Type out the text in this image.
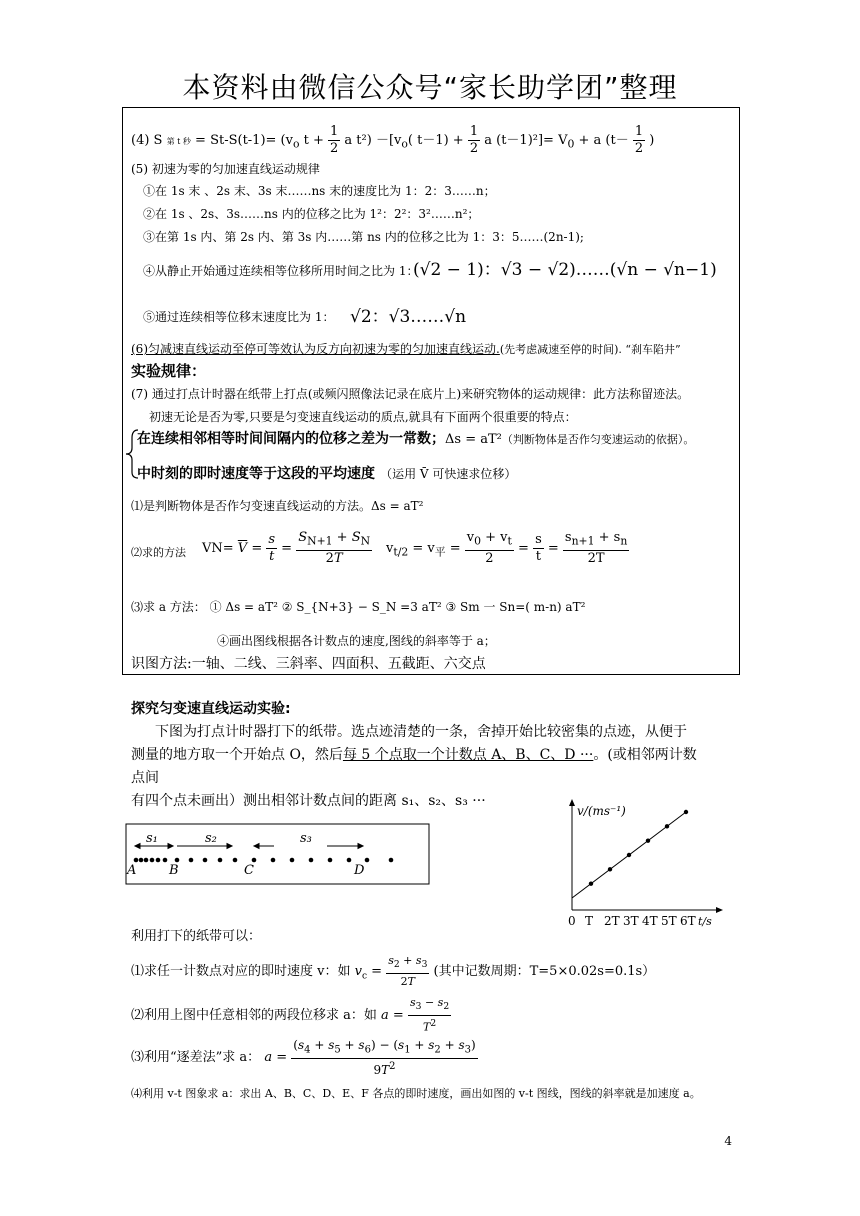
本资料由微信公众号“家长助学团”整理
(4) S 第 t 秒 = $St-S(t-1)= (v_o$ $t + \frac{1}{2}$ a $t^2) -[v_o$( $t-1) + \frac{1}{2}$ a $(t-1)^2]= V_0 + a$ ($t- \frac{1}{2}$ )
(5) 初速为零的匀加速直线运动规律
①在 1s 末 、2s 末、3s 末……ns 末的速度比为 1：2：3……n；
②在 1s 、2s、3s……ns 内的位移之比为 1²：2²：3²……n²；
③在第 1s 内、第 2s 内、第 3s 内……第 ns 内的位移之比为 1：3：5……(2n-1);
④从静止开始通过连续相等位移所用时间之比为 1：
(√2 − 1)：√3 − √2)……(√n − √n−1)
⑤通过连续相等位移末速度比为 1： √2：√3……√n
(6)匀减速直线运动至停可等效认为反方向初速为零的匀加速直线运动.(先考虑减速至停的时间). “刹车陷井”
实验规律：
(7) 通过打点计时器在纸带上打点(或频闪照像法记录在底片上)来研究物体的运动规律：此方法称留迹法。
初速无论是否为零,只要是匀变速直线运动的质点,就具有下面两个很重要的特点：
在连续相邻相等时间间隔内的位移之差为一常数；Δs = aT²（判断物体是否作匀变速运动的依据）。
中时刻的即时速度等于这段的平均速度 （运用 V̄ 可快速求位移）
⑴是判断物体是否作匀变速直线运动的方法。Δs = aT²
⑵求的方法 $VN= \overline{V} = \frac{s}{t} = \frac{S_{N+1} + S_N}{2T} v_{t/2} = v_平 = \frac{v_0 + v_t}{2} = \frac{s}{t} = \frac{s_{n+1} + s_n}{2T}$
⑶求 a 方法： ① Δs = aT² ② S_{N+3} − S_N =3 aT² ③ Sm 一 Sn=( m-n) aT²
④画出图线根据各计数点的速度,图线的斜率等于 a；
识图方法:一轴、二线、三斜率、四面积、五截距、六交点
探究匀变速直线运动实验:
下图为打点计时器打下的纸带。选点迹清楚的一条，舍掉开始比较密集的点迹，从便于
测量的地方取一个开始点 O，然后每 5 个点取一个计数点 A、B、C、D ···。(或相邻两计数
点间
有四个点未画出）测出相邻计数点间的距离 s₁、s₂、s₃ ···
s₁	s₂	s₃
A	B	C	D
v/(ms⁻¹)
0 T 2T 3T 4T 5T 6T t/s
利用打下的纸带可以：
⑴求任一计数点对应的即时速度 v：如 $v_c = \frac{s_2 + s_3}{2T}$ (其中记数周期：T=5×0.02s=0.1s）
⑵利用上图中任意相邻的两段位移求 a：如 $a = \frac{s_3 - s_2}{T^2}$
⑶利用“逐差法”求 a： $a = \frac{(s_4 + s_5 + s_6) - (s_1 + s_2 + s_3)}{9T^2}$
⑷利用 v-t 图象求 a：求出 A、B、C、D、E、F 各点的即时速度，画出如图的 v-t 图线，图线的斜率就是加速度 a。
4
